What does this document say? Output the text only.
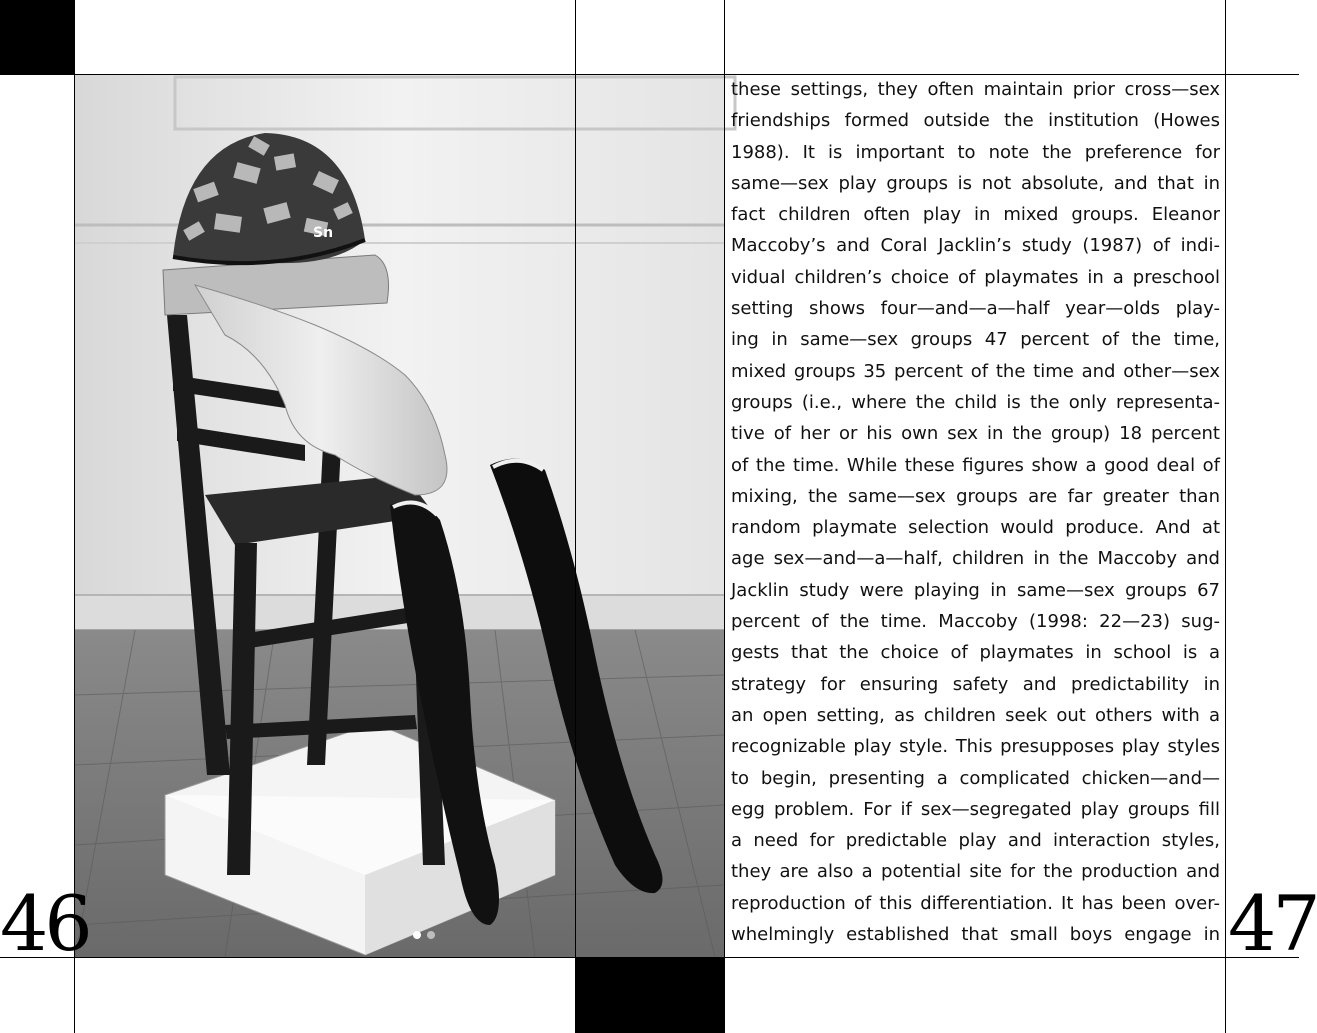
Sn
46	47
these settings, they often maintain prior cross—sex
friendships formed outside the institution (Howes
1988). It is important to note the preference for
same—sex play groups is not absolute, and that in
fact children often play in mixed groups. Eleanor
Maccoby’s and Coral Jacklin’s study (1987) of indi-
vidual children’s choice of playmates in a preschool
setting shows four—and—a—half year—olds play-
ing in same—sex groups 47 percent of the time,
mixed groups 35 percent of the time and other—sex
groups (i.e., where the child is the only representa-
tive of her or his own sex in the group) 18 percent
of the time. While these figures show a good deal of
mixing, the same—sex groups are far greater than
random playmate selection would produce. And at
age sex—and—a—half, children in the Maccoby and
Jacklin study were playing in same—sex groups 67
percent of the time. Maccoby (1998: 22—23) sug-
gests that the choice of playmates in school is a
strategy for ensuring safety and predictability in
an open setting, as children seek out others with a
recognizable play style. This presupposes play styles
to begin, presenting a complicated chicken—and—
egg problem. For if sex—segregated play groups fill
a need for predictable play and interaction styles,
they are also a potential site for the production and
reproduction of this differentiation. It has been over-
whelmingly established that small boys engage in
